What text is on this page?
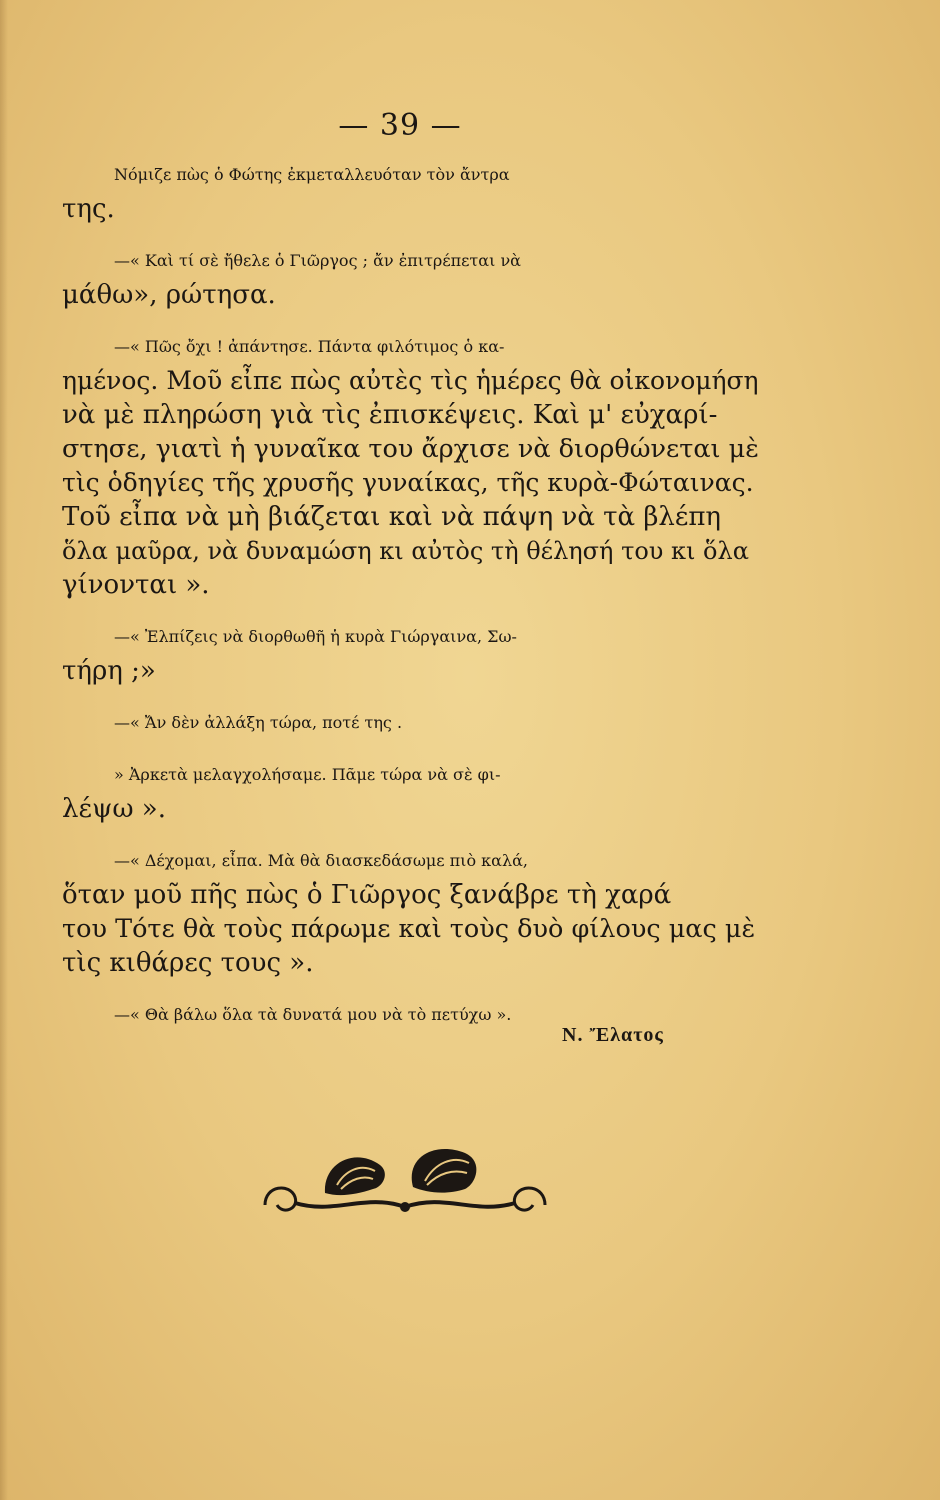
— 39 —
Νόμιζε πὼς ὁ Φώτης ἐκμεταλλευόταν τὸν ἄντρα
της.
—« Καὶ τί σὲ ἤθελε ὁ Γιῶργος ; ἄν ἐπιτρέπεται νὰ
μάθω», ρώτησα.
—« Πῶς ὄχι ! ἀπάντησε. Πάντα φιλότιμος ὁ κα-
ημένος. Μοῦ εἶπε πὼς αὐτὲς τὶς ἡμέρες θὰ οἰκονομήση
νὰ μὲ πληρώση γιὰ τὶς ἐπισκέψεις. Καὶ μ' εὐχαρί-
στησε, γιατὶ ἡ γυναῖκα του ἄρχισε νὰ διορθώνεται μὲ
τὶς ὁδηγίες τῆς χρυσῆς γυναίκας, τῆς κυρὰ-Φώταινας.
Τοῦ εἶπα νὰ μὴ βιάζεται καὶ νὰ πάψη νὰ τὰ βλέπη
ὅλα μαῦρα, νὰ δυναμώση κι αὐτὸς τὴ θέλησή του κι ὅλα
γίνονται ».
—« Ἐλπίζεις νὰ διορθωθῆ ἡ κυρὰ Γιώργαινα, Σω-
τήρη ;»
—« Ἄν δὲν ἀλλάξη τώρα, ποτέ της .
» Ἀρκετὰ μελαγχολήσαμε. Πᾶμε τώρα νὰ σὲ φι-
λέψω ».
—« Δέχομαι, εἶπα. Μὰ θὰ διασκεδάσωμε πιὸ καλά,
ὅταν μοῦ πῆς πὼς ὁ Γιῶργος ξανάβρε τὴ χαρά
του Τότε θὰ τοὺς πάρωμε καὶ τοὺς δυὸ φίλους μας μὲ
τὶς κιθάρες τους ».
—« Θὰ βάλω ὅλα τὰ δυνατά μου νὰ τὸ πετύχω ».
Ν. Ἔλατος
